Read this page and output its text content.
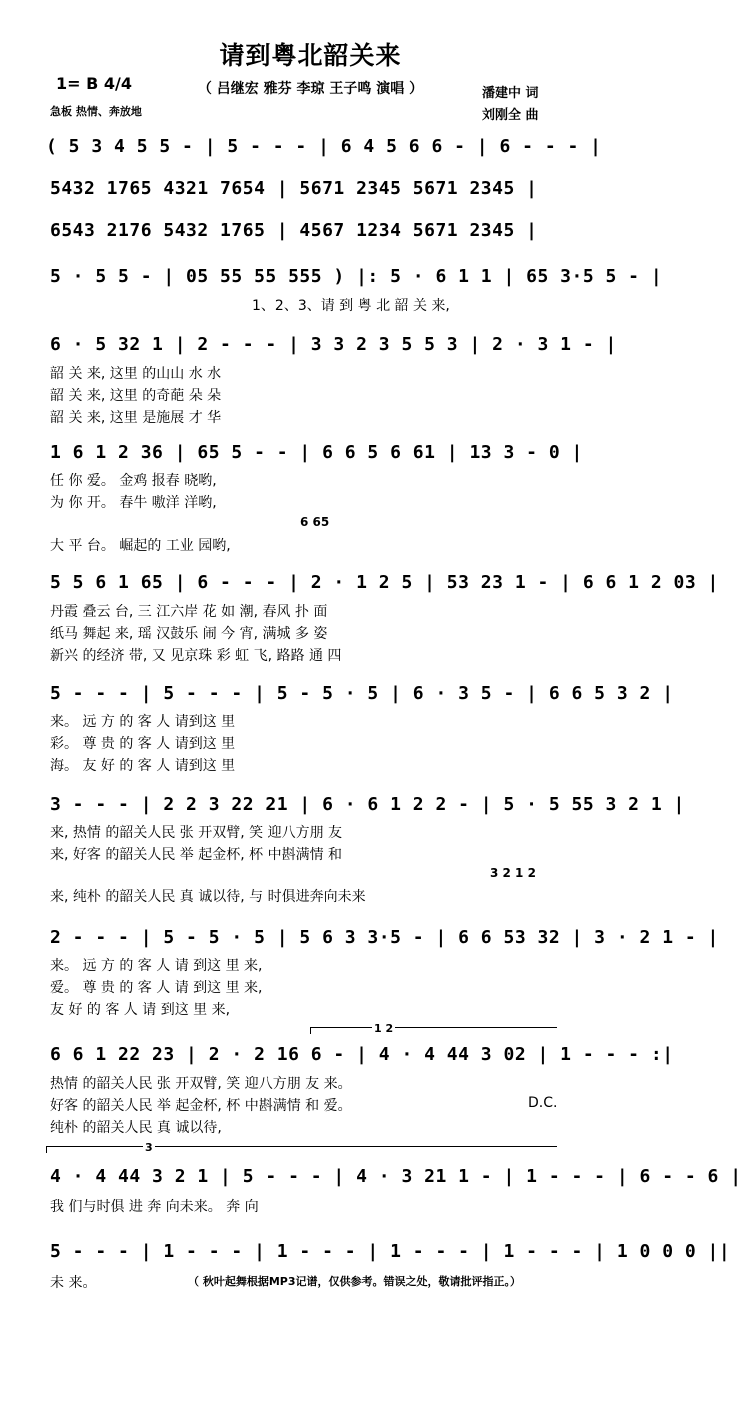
请到粤北韶关来
（ 吕继宏 雅芬 李琼 王子鸣 演唱 ）
1= B 4/4
急板 热情、奔放地
潘建中 词
刘刚全 曲
( 5 3 4 5 5 - | 5 - - - | 6 4 5 6 6 - | 6 - - - |
5432 1765 4321 7654 | 5671 2345 5671 2345 |
6543 2176 5432 1765 | 4567 1234 5671 2345 |
5 · 5 5 - | 05 55 55 555 ) |: 5 · 6 1 1 | 65 3·5 5 - |
1、2、3、请 到 粤 北 韶 关 来,
6 · 5 32 1 | 2 - - - | 3 3 2 3 5 5 3 | 2 · 3 1 - |
韶 关 来, 这里 的山山 水 水
韶 关 来, 这里 的奇葩 朵 朵
韶 关 来, 这里 是施展 才 华
1 6 1 2 36 | 65 5 - - | 6 6 5 6 61 | 13 3 - 0 |
任 你 爱。 金鸡 报春 晓哟,
为 你 开。 春牛 嗷洋 洋哟,
6 65
大 平 台。 崛起的 工业 园哟,
5 5 6 1 65 | 6 - - - | 2 · 1 2 5 | 53 23 1 - | 6 6 1 2 03 |
丹霞 叠云 台, 三 江六岸 花 如 潮, 春风 扑 面
纸马 舞起 来, 瑶 汉鼓乐 闹 今 宵, 满城 多 姿
新兴 的经济 带, 又 见京珠 彩 虹 飞, 路路 通 四
5 - - - | 5 - - - | 5 - 5 · 5 | 6 · 3 5 - | 6 6 5 3 2 |
来。 远 方 的 客 人 请到这 里
彩。 尊 贵 的 客 人 请到这 里
海。 友 好 的 客 人 请到这 里
3 - - - | 2 2 3 22 21 | 6 · 6 1 2 2 - | 5 · 5 55 3 2 1 |
来, 热情 的韶关人民 张 开双臂, 笑 迎八方朋 友
来, 好客 的韶关人民 举 起金杯, 杯 中斟满情 和
3 2 1 2
来, 纯朴 的韶关人民 真 诚以待, 与 时俱进奔向未来
2 - - - | 5 - 5 · 5 | 5 6 3 3·5 - | 6 6 53 32 | 3 · 2 1 - |
来。 远 方 的 客 人 请 到这 里 来,
爱。 尊 贵 的 客 人 请 到这 里 来,
友 好 的 客 人 请 到这 里 来,
1 2
6 6 1 22 23 | 2 · 2 16 6 - | 4 · 4 44 3 02 | 1 - - - :|
热情 的韶关人民 张 开双臂, 笑 迎八方朋 友 来。
好客 的韶关人民 举 起金杯, 杯 中斟满情 和 爱。	D.C.
纯朴 的韶关人民 真 诚以待,
3
4 · 4 44 3 2 1 | 5 - - - | 4 · 3 21 1 - | 1 - - - | 6 - - 6 |
我 们与时俱 进 奔 向未来。 奔 向
5 - - - | 1 - - - | 1 - - - | 1 - - - | 1 - - - | 1 0 0 0 ||
未 来。	（ 秋叶起舞根据MP3记谱，仅供参考。错误之处，敬请批评指正。）
